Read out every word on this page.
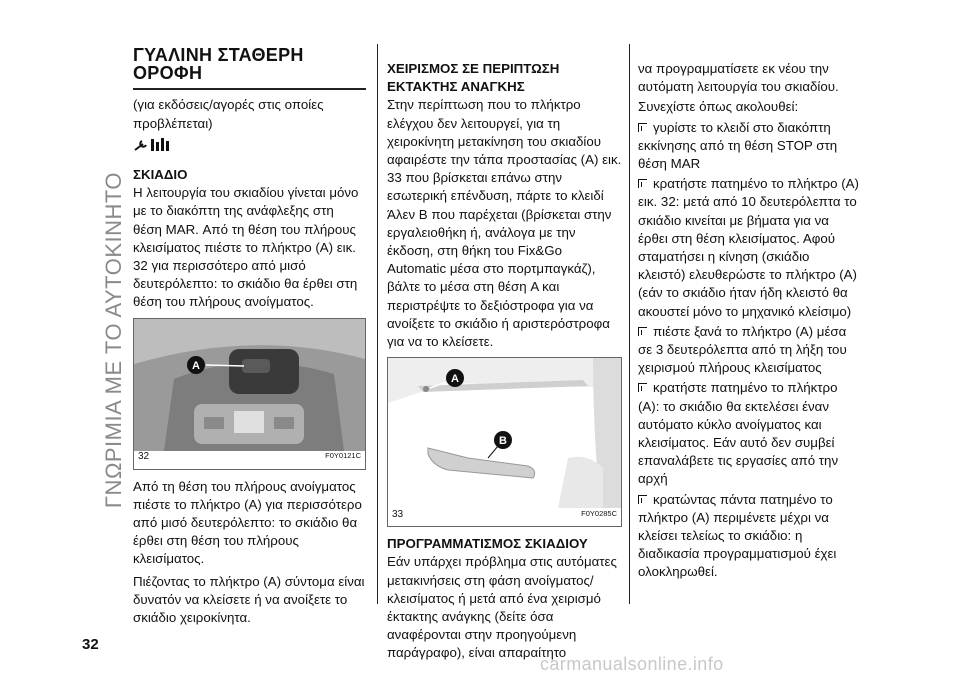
ΓΝΩΡΙΜΙΑ ΜΕ ΤΟ ΑΥΤΟΚΙΝΗΤΟ
32
ΓΥΑΛΙΝΗ ΣΤΑΘΕΡΗ ΟΡΟΦΗ

(για εκδόσεις/αγορές στις οποίες προβλέπεται)

ΣΚΙΑΔΙΟ

Η λειτουργία του σκιαδίου γίνεται μόνο με το διακόπτη της ανάφλεξης στη θέση MAR. Από τη θέση του πλήρους κλεισίματος πιέστε το πλήκτρο (A) εικ. 32 για περισσότερο από μισό δευτερόλεπτο: το σκιάδιο θα έρθει στη θέση του πλήρους ανοίγματος.

A
32	F0Y0121C

Από τη θέση του πλήρους ανοίγματος πιέστε το πλήκτρο (A) για περισσότερο από μισό δευτερόλεπτο: το σκιάδιο θα έρθει στη θέση του πλήρους κλεισίματος.

Πιέζοντας το πλήκτρο (A) σύντομα είναι δυνατόν να κλείσετε ή να ανοίξετε το σκιάδιο χειροκίνητα.

ΧΕΙΡΙΣΜΟΣ ΣΕ ΠΕΡΙΠΤΩΣΗ ΕΚΤΑΚΤΗΣ ΑΝΑΓΚΗΣ

Στην περίπτωση που το πλήκτρο ελέγχου δεν λειτουργεί, για τη χειροκίνητη μετακίνηση του σκιαδίου αφαιρέστε την τάπα προστασίας (A) εικ. 33 που βρίσκεται επάνω στην εσωτερική επένδυση, πάρτε το κλειδί Άλεν B που παρέχεται (βρίσκεται στην εργαλειοθήκη ή, ανάλογα με την έκδοση, στη θήκη του Fix&Go Automatic μέσα στο πορτμπαγκάζ), βάλτε το μέσα στη θέση A και περιστρέψτε το δεξιόστροφα για να ανοίξετε το σκιάδιο ή αριστερόστροφα για να το κλείσετε.

A
B
33	F0Y0285C
ΠΡΟΓΡΑΜΜΑΤΙΣΜΟΣ ΣΚΙΑΔΙΟΥ

Εάν υπάρχει πρόβλημα στις αυτόματες μετακινήσεις στη φάση ανοίγματος/κλεισίματος ή μετά από ένα χειρισμό έκτακτης ανάγκης (δείτε όσα αναφέρονται στην προηγούμενη παράγραφο), είναι απαραίτητο

να προγραμματίσετε εκ νέου την αυτόματη λειτουργία του σκιαδίου.

Συνεχίστε όπως ακολουθεί:

γυρίστε το κλειδί στο διακόπτη εκκίνησης από τη θέση STOP στη θέση MAR

κρατήστε πατημένο το πλήκτρο (A) εικ. 32: μετά από 10 δευτερόλεπτα το σκιάδιο κινείται με βήματα για να έρθει στη θέση κλεισίματος. Αφού σταματήσει η κίνηση (σκιάδιο κλειστό) ελευθερώστε το πλήκτρο (A) (εάν το σκιάδιο ήταν ήδη κλειστό θα ακουστεί μόνο το μηχανικό κλείσιμο)

πιέστε ξανά το πλήκτρο (A) μέσα σε 3 δευτερόλεπτα από τη λήξη του χειρισμού πλήρους κλεισίματος

κρατήστε πατημένο το πλήκτρο (A): το σκιάδιο θα εκτελέσει έναν αυτόματο κύκλο ανοίγματος και κλεισίματος. Εάν αυτό δεν συμβεί επαναλάβετε τις εργασίες από την αρχή

κρατώντας πάντα πατημένο το πλήκτρο (A) περιμένετε μέχρι να κλείσει τελείως το σκιάδιο: η διαδικασία προγραμματισμού έχει ολοκληρωθεί.

carmanualsonline.info
